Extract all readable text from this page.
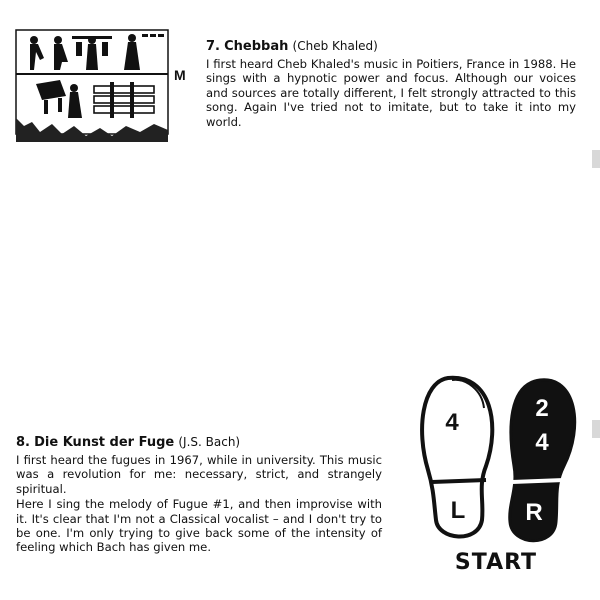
M

7. Chebbah (Cheb Khaled)

I first heard Cheb Khaled's music in Poitiers, France in 1988. He sings with a hypnotic power and focus. Although our voices and sources are totally different, I felt strongly attracted to this song. Again I've tried not to imitate, but to take it into my world.

8. Die Kunst der Fuge (J.S. Bach)

I first heard the fugues in 1967, while in university. This music was a revolution for me: necessary, strict, and strangely spiritual.

Here I sing the melody of Fugue #1, and then improvise with it. It's clear that I'm not a Classical vocalist – and I don't try to be one. I'm only trying to give back some of the intensity of feeling which Bach has given me.

4
L
2
4
R
START
